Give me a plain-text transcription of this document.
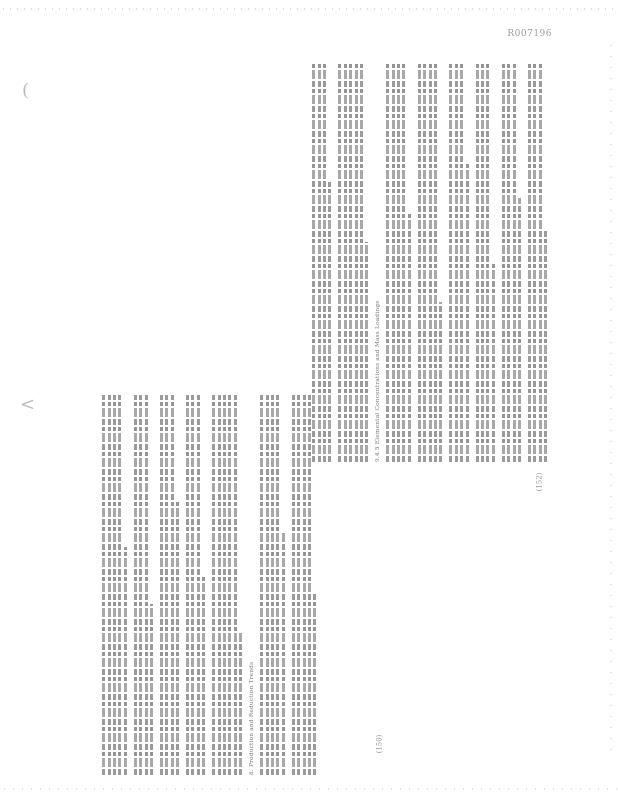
R007196
(
<	9.4.5 Elemental Concentrations and Mass Loadings
(152)
8. Production and Reduction Trends	(150)
